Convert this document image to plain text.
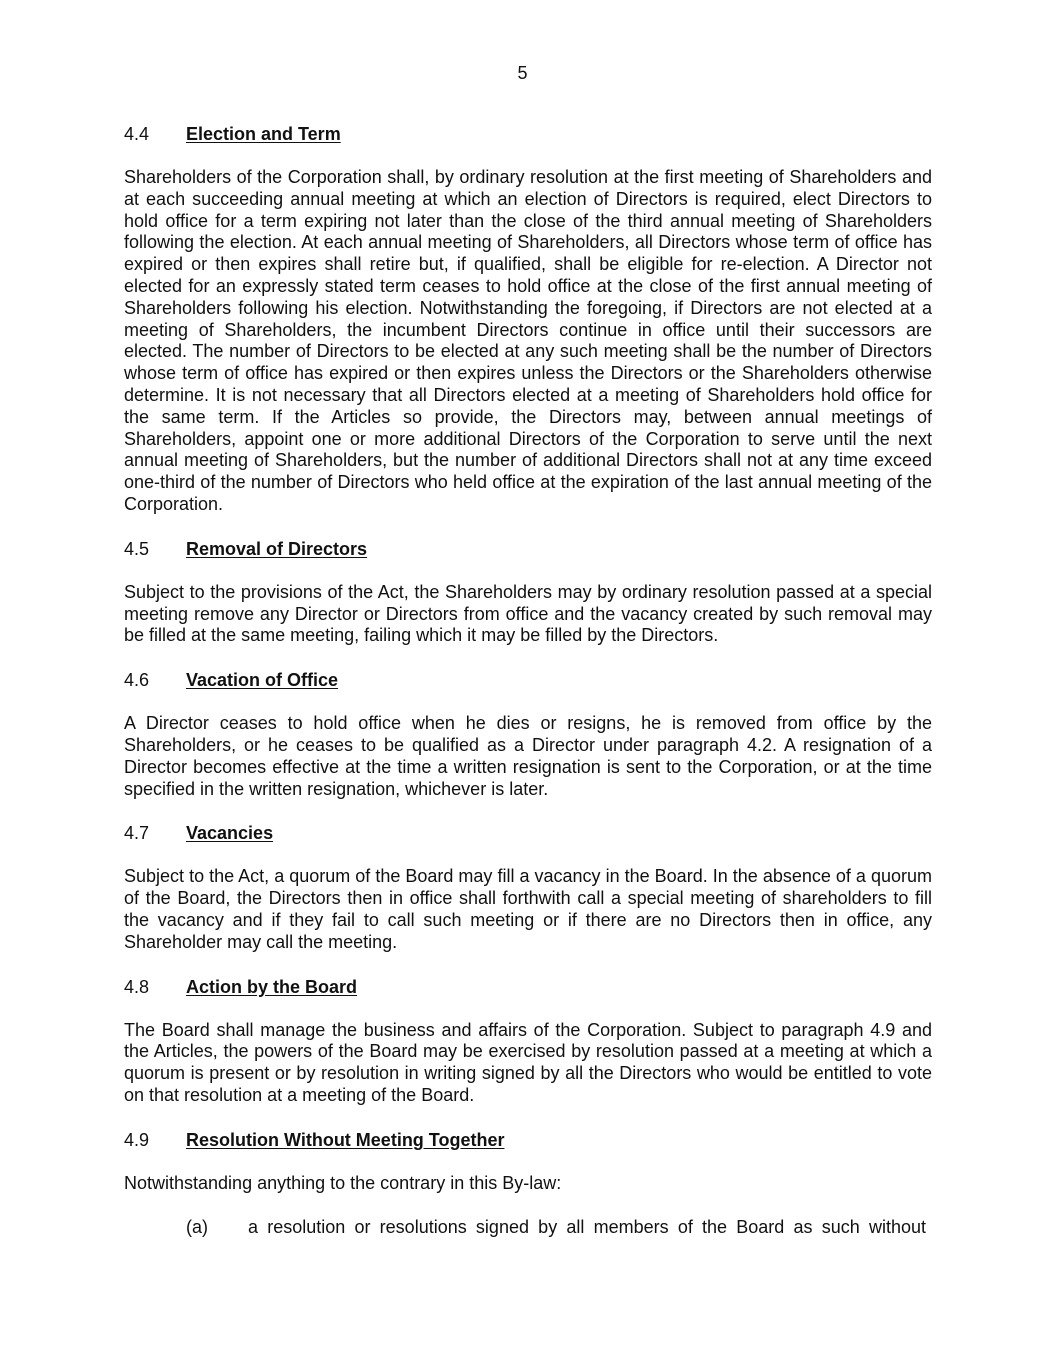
5
4.4	Election and Term

Shareholders of the Corporation shall, by ordinary resolution at the first meeting of Shareholders and at each succeeding annual meeting at which an election of Directors is required, elect Directors to hold office for a term expiring not later than the close of the third annual meeting of Shareholders following the election. At each annual meeting of Shareholders, all Directors whose term of office has expired or then expires shall retire but, if qualified, shall be eligible for re-election. A Director not elected for an expressly stated term ceases to hold office at the close of the first annual meeting of Shareholders following his election. Notwithstanding the foregoing, if Directors are not elected at a meeting of Shareholders, the incumbent Directors continue in office until their successors are elected. The number of Directors to be elected at any such meeting shall be the number of Directors whose term of office has expired or then expires unless the Directors or the Shareholders otherwise determine. It is not necessary that all Directors elected at a meeting of Shareholders hold office for the same term. If the Articles so provide, the Directors may, between annual meetings of Shareholders, appoint one or more additional Directors of the Corporation to serve until the next annual meeting of Shareholders, but the number of additional Directors shall not at any time exceed one-third of the number of Directors who held office at the expiration of the last annual meeting of the Corporation.

4.5	Removal of Directors

Subject to the provisions of the Act, the Shareholders may by ordinary resolution passed at a special meeting remove any Director or Directors from office and the vacancy created by such removal may be filled at the same meeting, failing which it may be filled by the Directors.

4.6	Vacation of Office

A Director ceases to hold office when he dies or resigns, he is removed from office by the Shareholders, or he ceases to be qualified as a Director under paragraph 4.2. A resignation of a Director becomes effective at the time a written resignation is sent to the Corporation, or at the time specified in the written resignation, whichever is later.

4.7	Vacancies

Subject to the Act, a quorum of the Board may fill a vacancy in the Board. In the absence of a quorum of the Board, the Directors then in office shall forthwith call a special meeting of shareholders to fill the vacancy and if they fail to call such meeting or if there are no Directors then in office, any Shareholder may call the meeting.

4.8	Action by the Board

The Board shall manage the business and affairs of the Corporation. Subject to paragraph 4.9 and the Articles, the powers of the Board may be exercised by resolution passed at a meeting at which a quorum is present or by resolution in writing signed by all the Directors who would be entitled to vote on that resolution at a meeting of the Board.

4.9	Resolution Without Meeting Together

Notwithstanding anything to the contrary in this By-law:

(a)	a resolution or resolutions signed by all members of the Board as such without
